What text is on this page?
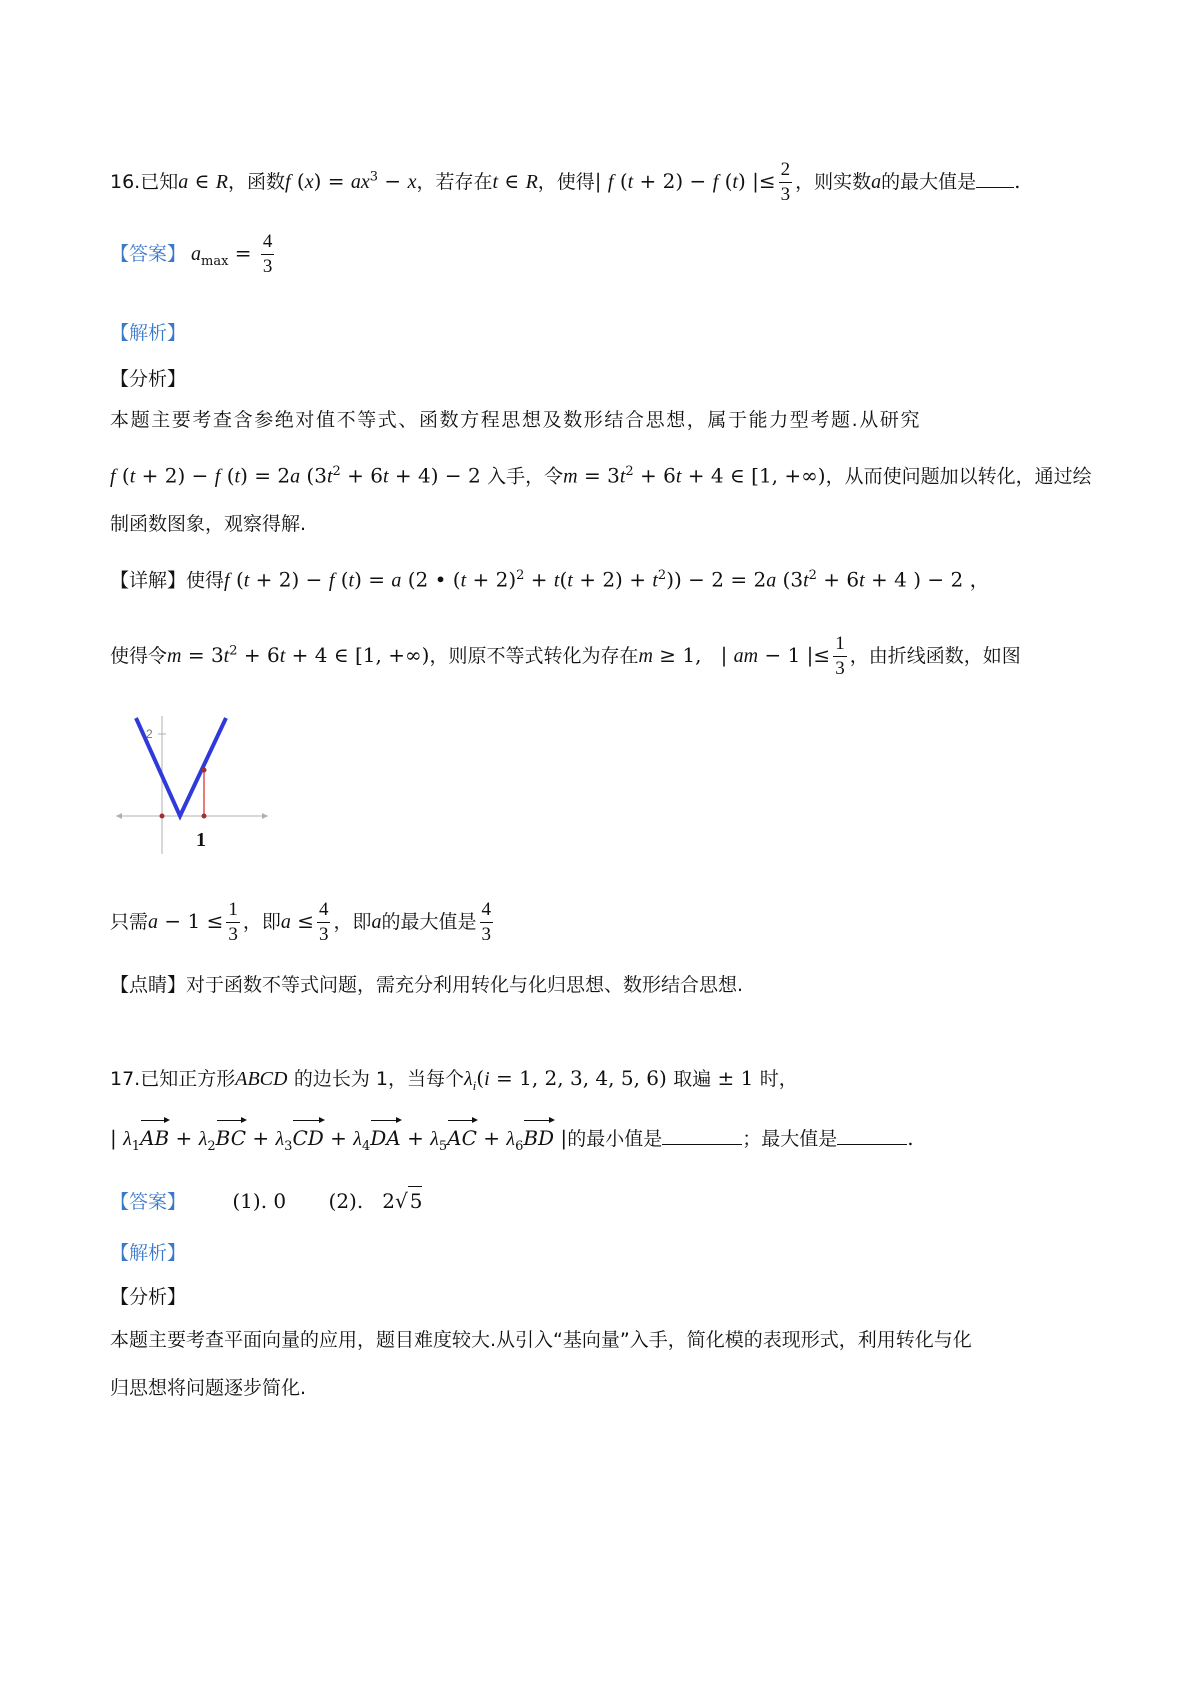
16.已知a ∈ R，函数f $(x) = ax^3 - x$，若存在t ∈ R，使得| f (t + 2) − f (t) |≤ $\frac{2}{3}$ ，则实数a的最大值是 .
【答案】 $a_{max} = \frac{4}{3}$
【解析】
【分析】
本题主要考查含参绝对值不等式、函数方程思想及数形结合思想，属于能力型考题.从研究
f (t + 2) − f (t) = 2a $(3t^2 + 6t + 4) - 2$ 入手，令$m = 3t^2 + 6t + 4$ ∈ [1, +∞)，从而使问题加以转化，通过绘
制函数图象，观察得解.
【详解】使得f (t + 2) − f (t) = a (2 • $(t + 2)^2 + t(t + 2) + t^2)) - 2 = 2a$ ($3t^2 + 6t + 4$ ) − 2 ，
使得令$m = 3t^2 + 6t + 4$ ∈ [1, +∞)，则原不等式转化为存在m ≥ 1,   | am − 1 |≤ $\frac{1}{3}$ ，由折线函数，如图
2
1
只需$a - 1 \le \frac{1}{3}$ ，即$a \le \frac{4}{3}$ ，即a的最大值是 $\frac{4}{3}$
【点睛】对于函数不等式问题，需充分利用转化与化归思想、数形结合思想.
17.已知正方形ABCD 的边长为 1，当每个$\lambda_i(i = 1$, 2, 3, 4, 5, 6) 取遍 ± 1 时，
| $\lambda_1AB + \lambda_2BC + \lambda_3CD + \lambda_4DA + \lambda_5AC + \lambda_6BD$ |的最小值是	；最大值是	.
【答案】 (1). 0 (2).   2√ 5
【解析】
【分析】
本题主要考查平面向量的应用，题目难度较大.从引入“基向量”入手，简化模的表现形式，利用转化与化
归思想将问题逐步简化.
